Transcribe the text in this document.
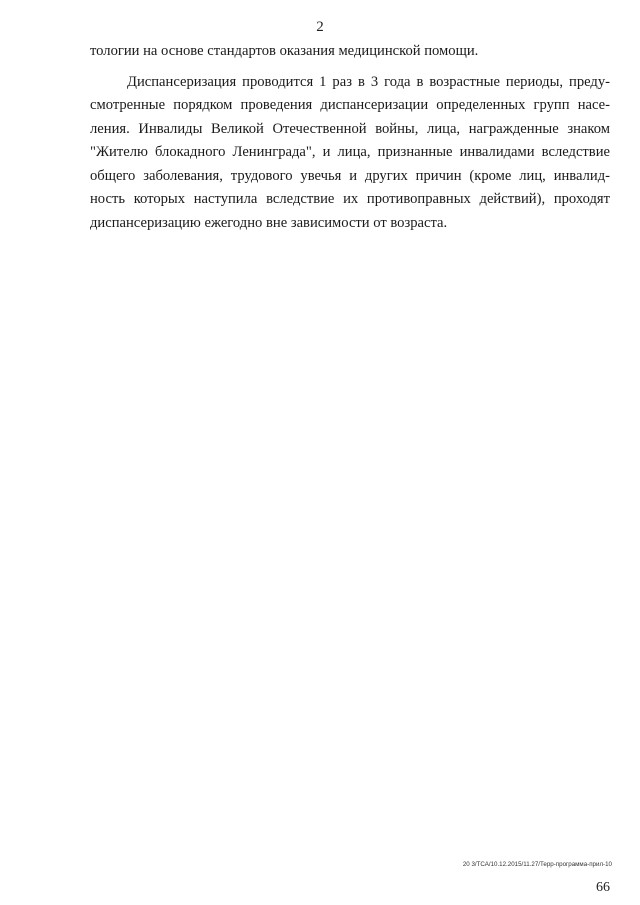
2
тологии на основе стандартов оказания медицинской помощи.
Диспансеризация проводится 1 раз в 3 года в возрастные периоды, преду-
смотренные порядком проведения диспансеризации определенных групп насе-
ления. Инвалиды Великой Отечественной войны, лица, награжденные знаком
"Жителю блокадного Ленинграда", и лица, признанные инвалидами вследствие
общего заболевания, трудового увечья и других причин (кроме лиц, инвалид-
ность которых наступила вследствие их противоправных действий), проходят
диспансеризацию ежегодно вне зависимости от возраста.
20 3/ТСА/10.12.2015/11.27/Терр-программа-прил-10
66
